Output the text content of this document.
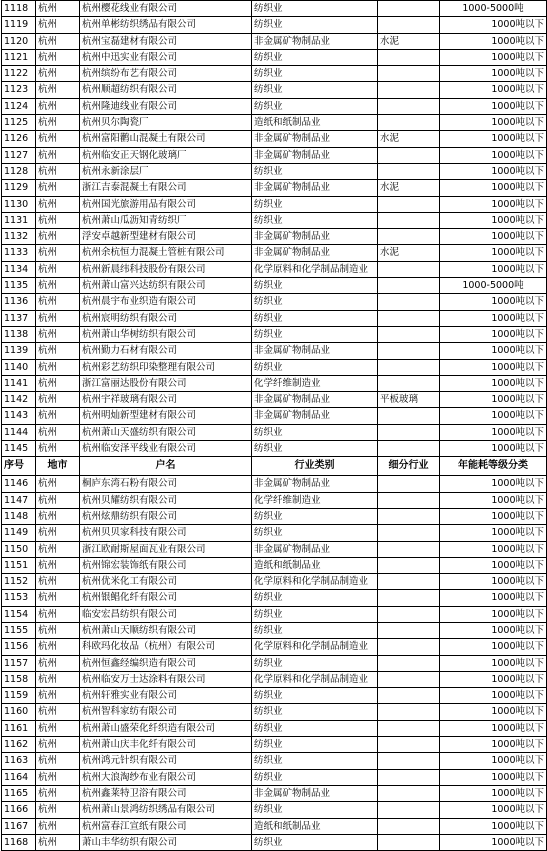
1118	杭州	杭州樱花线业有限公司	纺织业		1000-5000吨
1119	杭州	杭州单彬纺织绣品有限公司	纺织业		1000吨以下
1120	杭州	杭州宝磊建材有限公司	非金属矿物制品业	水泥	1000吨以下
1121	杭州	杭州中迅实业有限公司	纺织业		1000吨以下
1122	杭州	杭州缤纷布艺有限公司	纺织业		1000吨以下
1123	杭州	杭州顺超纺织有限公司	纺织业		1000吨以下
1124	杭州	杭州隆迪线业有限公司	纺织业		1000吨以下
1125	杭州	杭州贝尔陶瓷厂	造纸和纸制品业		1000吨以下
1126	杭州	杭州富阳鹳山混凝土有限公司	非金属矿物制品业	水泥	1000吨以下
1127	杭州	杭州临安正天钢化玻璃厂	非金属矿物制品业		1000吨以下
1128	杭州	杭州永新涂层厂	纺织业		1000吨以下
1129	杭州	浙江吉泰混凝土有限公司	非金属矿物制品业	水泥	1000吨以下
1130	杭州	杭州国光旅游用品有限公司	纺织业		1000吨以下
1131	杭州	杭州萧山瓜沥知青纺织厂	纺织业		1000吨以下
1132	杭州	浮安卓越新型建材有限公司	非金属矿物制品业		1000吨以下
1133	杭州	杭州余杭恒力混凝土管桩有限公司	非金属矿物制品业	水泥	1000吨以下
1134	杭州	杭州新晨纬科技股份有限公司	化学原料和化学制品制造业		1000吨以下
1135	杭州	杭州萧山富兴达纺织有限公司	纺织业		1000-5000吨
1136	杭州	杭州晨宇布业织造有限公司	纺织业		1000吨以下
1137	杭州	杭州宸明纺织有限公司	纺织业		1000吨以下
1138	杭州	杭州萧山华树纺织有限公司	纺织业		1000吨以下
1139	杭州	杭州勤力石材有限公司	非金属矿物制品业		1000吨以下
1140	杭州	杭州彩艺纺织印染整理有限公司	纺织业		1000吨以下
1141	杭州	浙江富丽达股份有限公司	化学纤维制造业		1000吨以下
1142	杭州	杭州宇祥玻璃有限公司	非金属矿物制品业	平板玻璃	1000吨以下
1143	杭州	杭州明灿新型建材有限公司	非金属矿物制品业		1000吨以下
1144	杭州	杭州萧山天盛纺织有限公司	纺织业		1000吨以下
1145	杭州	杭州临安泽平线业有限公司	纺织业		1000吨以下
序号	地市	户名	行业类别	细分行业	年能耗等级分类
1146	杭州	桐庐东湾石粉有限公司	非金属矿物制品业		1000吨以下
1147	杭州	杭州贝耀纺织有限公司	化学纤维制造业		1000吨以下
1148	杭州	杭州炫鼎纺织有限公司	纺织业		1000吨以下
1149	杭州	杭州贝贝家科技有限公司	纺织业		1000吨以下
1150	杭州	浙江欧耐斯屋面瓦业有限公司	非金属矿物制品业		1000吨以下
1151	杭州	杭州锦宏装饰纸有限公司	造纸和纸制品业		1000吨以下
1152	杭州	杭州优米化工有限公司	化学原料和化学制品制造业		1000吨以下
1153	杭州	杭州银鲳化纤有限公司	纺织业		1000吨以下
1154	杭州	临安宏昌纺织有限公司	纺织业		1000吨以下
1155	杭州	杭州萧山天顺纺织有限公司	纺织业		1000吨以下
1156	杭州	科欧玛化妆品（杭州）有限公司	化学原料和化学制品制造业		1000吨以下
1157	杭州	杭州恒鑫经编织造有限公司	纺织业		1000吨以下
1158	杭州	杭州临安万士达涂料有限公司	化学原料和化学制品制造业		1000吨以下
1159	杭州	杭州轩雅实业有限公司	纺织业		1000吨以下
1160	杭州	杭州智科家纺有限公司	纺织业		1000吨以下
1161	杭州	杭州萧山盛荣化纤织造有限公司	纺织业		1000吨以下
1162	杭州	杭州萧山庆丰化纤有限公司	纺织业		1000吨以下
1163	杭州	杭州鸿元针织有限公司	纺织业		1000吨以下
1164	杭州	杭州大浪淘纱布业有限公司	纺织业		1000吨以下
1165	杭州	杭州鑫莱特卫浴有限公司	非金属矿物制品业		1000吨以下
1166	杭州	杭州萧山景鸿纺织绣品有限公司	纺织业		1000吨以下
1167	杭州	杭州富春江宣纸有限公司	造纸和纸制品业		1000吨以下
1168	杭州	萧山丰华纺织有限公司	纺织业		1000吨以下
